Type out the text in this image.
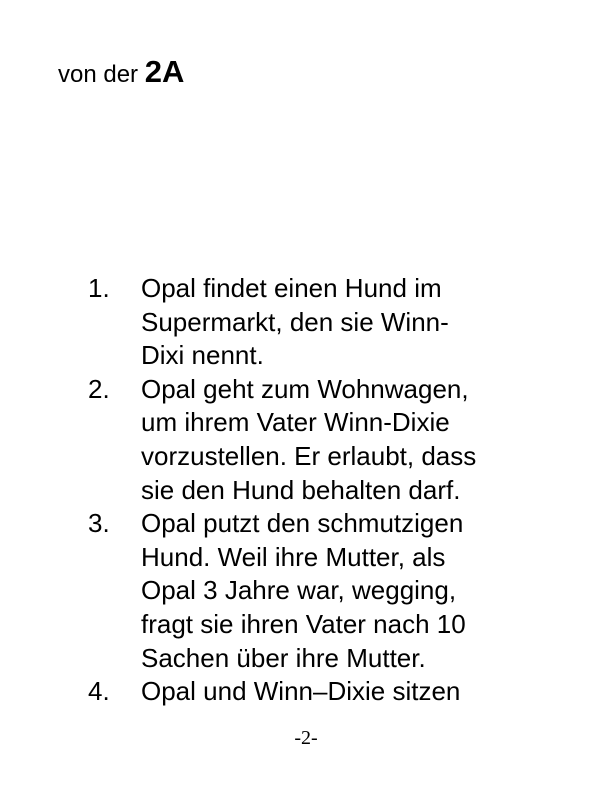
von der 2A
1. Opal findet einen Hund im
Supermarkt, den sie Winn-
Dixi nennt.
2. Opal geht zum Wohnwagen,
um ihrem Vater Winn-Dixie
vorzustellen. Er erlaubt, dass
sie den Hund behalten darf.
3. Opal putzt den schmutzigen
Hund. Weil ihre Mutter, als
Opal 3 Jahre war, wegging,
fragt sie ihren Vater nach 10
Sachen über ihre Mutter.
4. Opal und Winn–Dixie sitzen
-2-
